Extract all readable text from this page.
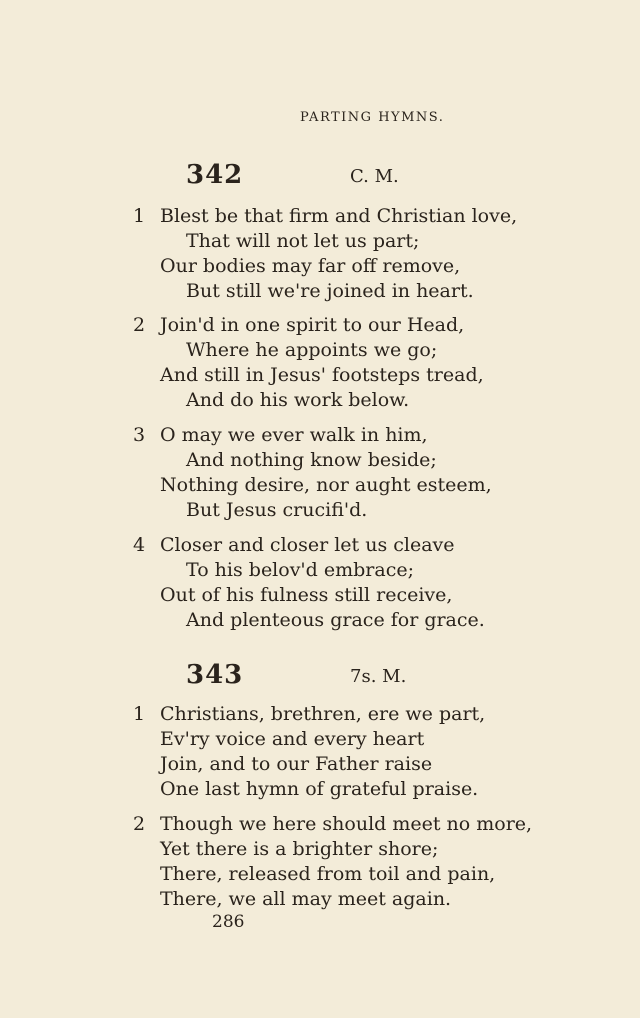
PARTING HYMNS.
342	C. M.
1 Blest be that firm and Christian love,
That will not let us part;
Our bodies may far off remove,
But still we're joined in heart.
2 Join'd in one spirit to our Head,
Where he appoints we go;
And still in Jesus' footsteps tread,
And do his work below.
3 O may we ever walk in him,
And nothing know beside;
Nothing desire, nor aught esteem,
But Jesus crucifi'd.
4 Closer and closer let us cleave
To his belov'd embrace;
Out of his fulness still receive,
And plenteous grace for grace.
343	7s. M.
1 Christians, brethren, ere we part,
Ev'ry voice and every heart
Join, and to our Father raise
One last hymn of grateful praise.
2 Though we here should meet no more,
Yet there is a brighter shore;
There, released from toil and pain,
There, we all may meet again.
286
